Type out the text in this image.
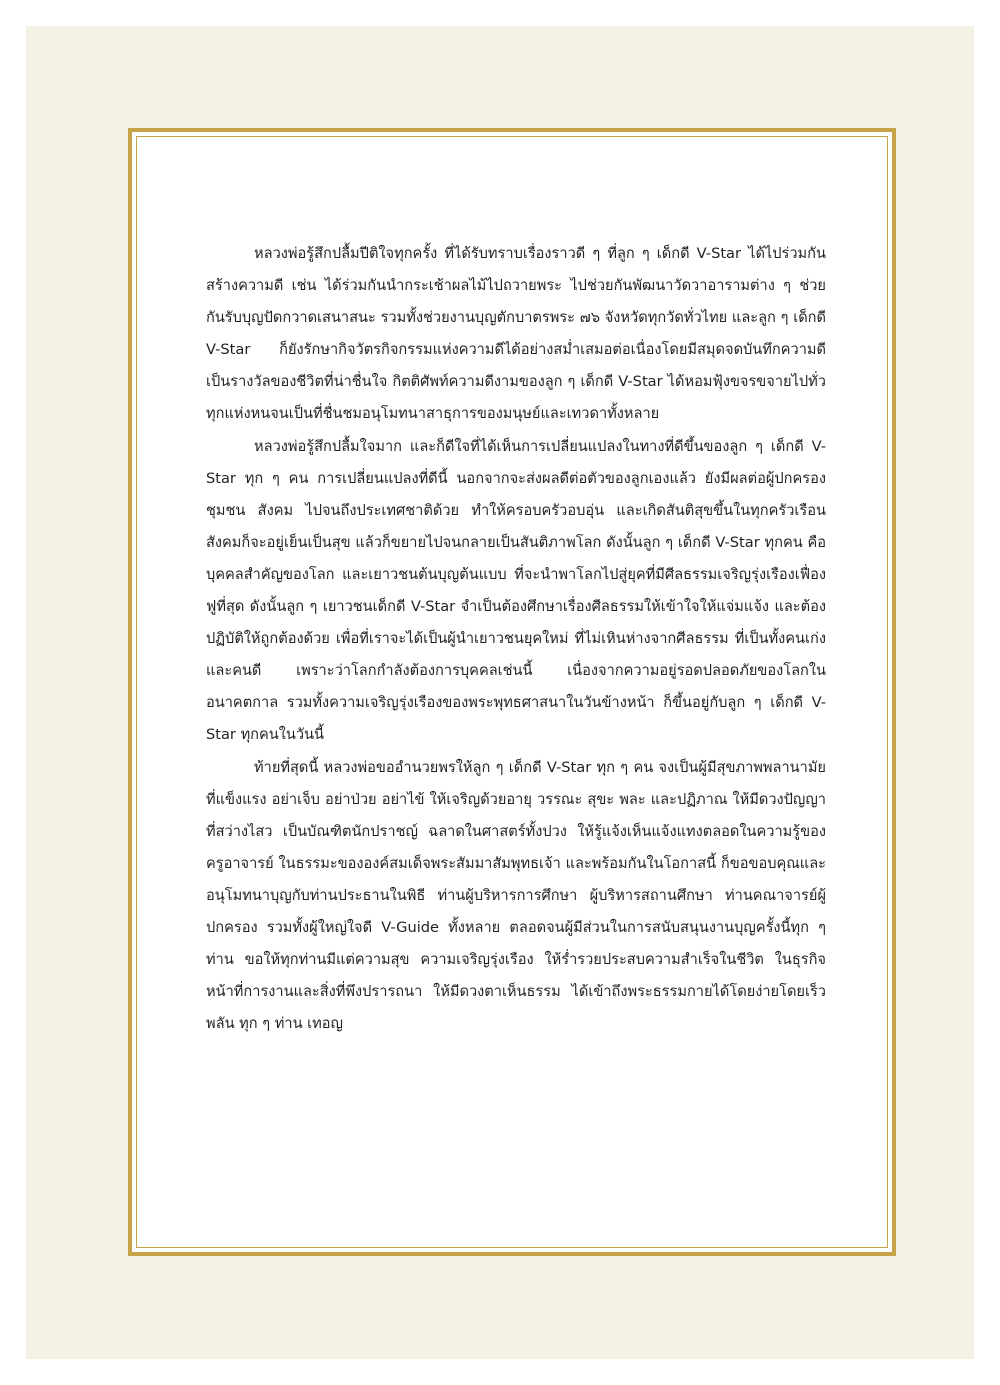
หลวงพ่อรู้สึกปลื้มปีติใจทุกครั้ง ที่ได้รับทราบเรื่องราวดี ๆ ที่ลูก ๆ เด็กดี V-Star ได้ไปร่วมกันสร้างความดี เช่น ได้ร่วมกันนำกระเช้าผลไม้ไปถวายพระ ไปช่วยกันพัฒนาวัดวาอารามต่าง ๆ ช่วยกันรับบุญปัดกวาดเสนาสนะ รวมทั้งช่วยงานบุญตักบาตรพระ ๗๖ จังหวัดทุกวัดทั่วไทย และลูก ๆ เด็กดี V-Star ก็ยังรักษากิจวัตรกิจกรรมแห่งความดีได้อย่างสม่ำเสมอต่อเนื่องโดยมีสมุดจดบันทึกความดีเป็นรางวัลของชีวิตที่น่าชื่นใจ กิตติศัพท์ความดีงามของลูก ๆ เด็กดี V-Star ได้หอมฟุ้งขจรขจายไปทั่วทุกแห่งหนจนเป็นที่ชื่นชมอนุโมทนาสาธุการของมนุษย์และเทวดาทั้งหลาย

หลวงพ่อรู้สึกปลื้มใจมาก และก็ดีใจที่ได้เห็นการเปลี่ยนแปลงในทางที่ดีขึ้นของลูก ๆ เด็กดี V-Star ทุก ๆ คน การเปลี่ยนแปลงที่ดีนี้ นอกจากจะส่งผลดีต่อตัวของลูกเองแล้ว ยังมีผลต่อผู้ปกครอง ชุมชน สังคม ไปจนถึงประเทศชาติด้วย ทำให้ครอบครัวอบอุ่น และเกิดสันติสุขขึ้นในทุกครัวเรือน สังคมก็จะอยู่เย็นเป็นสุข แล้วก็ขยายไปจนกลายเป็นสันติภาพโลก ดังนั้นลูก ๆ เด็กดี V-Star ทุกคน คือบุคคลสำคัญของโลก และเยาวชนต้นบุญต้นแบบ ที่จะนำพาโลกไปสู่ยุคที่มีศีลธรรมเจริญรุ่งเรืองเฟื่องฟูที่สุด ดังนั้นลูก ๆ เยาวชนเด็กดี V-Star จำเป็นต้องศึกษาเรื่องศีลธรรมให้เข้าใจให้แจ่มแจ้ง และต้องปฏิบัติให้ถูกต้องด้วย เพื่อที่เราจะได้เป็นผู้นำเยาวชนยุคใหม่ ที่ไม่เหินห่างจากศีลธรรม ที่เป็นทั้งคนเก่งและคนดี เพราะว่าโลกกำลังต้องการบุคคลเช่นนี้ เนื่องจากความอยู่รอดปลอดภัยของโลกในอนาคตกาล รวมทั้งความเจริญรุ่งเรืองของพระพุทธศาสนาในวันข้างหน้า ก็ขึ้นอยู่กับลูก ๆ เด็กดี V-Star ทุกคนในวันนี้

ท้ายที่สุดนี้ หลวงพ่อขออำนวยพรให้ลูก ๆ เด็กดี V-Star ทุก ๆ คน จงเป็นผู้มีสุขภาพพลานามัยที่แข็งแรง อย่าเจ็บ อย่าป่วย อย่าไข้ ให้เจริญด้วยอายุ วรรณะ สุขะ พละ และปฏิภาณ ให้มีดวงปัญญาที่สว่างไสว เป็นบัณฑิตนักปราชญ์ ฉลาดในศาสตร์ทั้งปวง ให้รู้แจ้งเห็นแจ้งแทงตลอดในความรู้ของครูอาจารย์ ในธรรมะขององค์สมเด็จพระสัมมาสัมพุทธเจ้า และพร้อมกันในโอกาสนี้ ก็ขอขอบคุณและอนุโมทนาบุญกับท่านประธานในพิธี ท่านผู้บริหารการศึกษา ผู้บริหารสถานศึกษา ท่านคณาจารย์ผู้ปกครอง รวมทั้งผู้ใหญ่ใจดี V-Guide ทั้งหลาย ตลอดจนผู้มีส่วนในการสนับสนุนงานบุญครั้งนี้ทุก ๆ ท่าน ขอให้ทุกท่านมีแต่ความสุข ความเจริญรุ่งเรือง ให้ร่ำรวยประสบความสำเร็จในชีวิต ในธุรกิจหน้าที่การงานและสิ่งที่พึงปรารถนา ให้มีดวงตาเห็นธรรม ได้เข้าถึงพระธรรมกายได้โดยง่ายโดยเร็วพลัน ทุก ๆ ท่าน เทอญ
